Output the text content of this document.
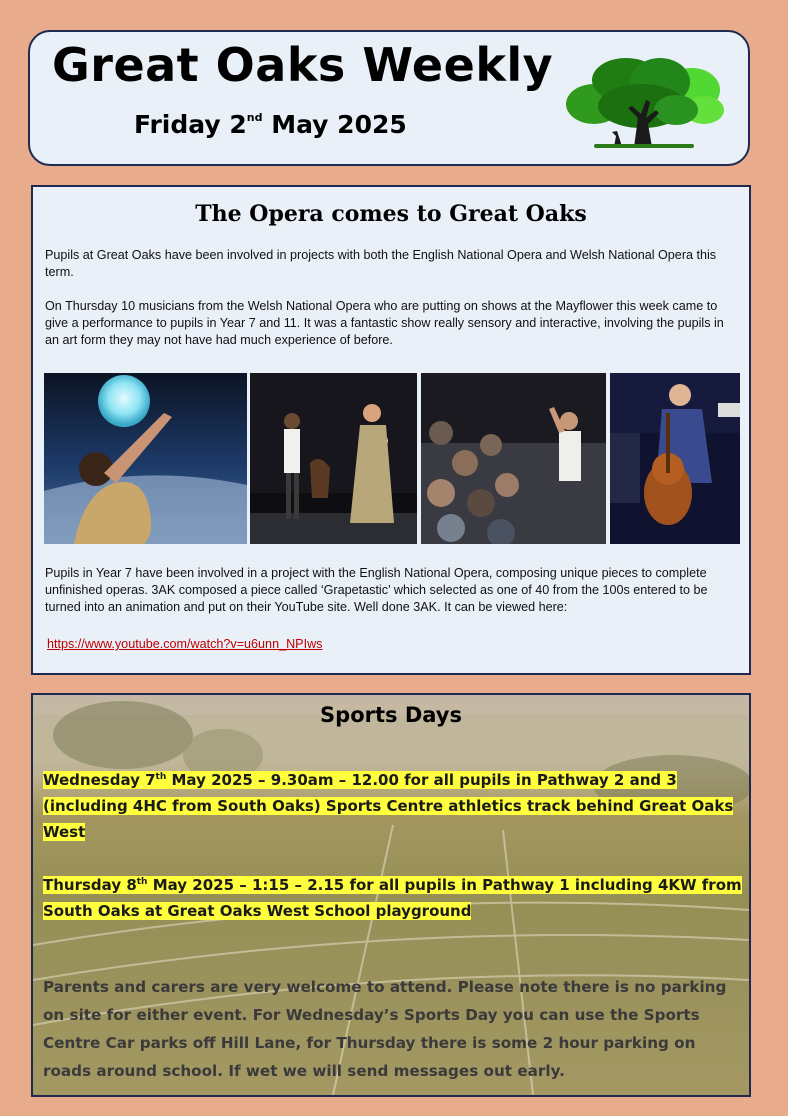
Great Oaks Weekly
Friday 2nd May 2025
The Opera comes to Great Oaks

Pupils at Great Oaks have been involved in projects with both the English National Opera and Welsh National Opera this term.

On Thursday 10 musicians from the Welsh National Opera who are putting on shows at the Mayflower this week came to give a performance to pupils in Year 7 and 11. It was a fantastic show really sensory and interactive, involving the pupils in an art form they may not have had much experience of before.

Pupils in Year 7 have been involved in a project with the English National Opera, composing unique pieces to complete unfinished operas. 3AK composed a piece called ‘Grapetastic’ which selected as one of 40 from the 100s entered to be turned into an animation and put on their YouTube site. Well done 3AK. It can be viewed here:

https://www.youtube.com/watch?v=u6unn_NPIws
Sports Days

Wednesday 7th May 2025 – 9.30am – 12.00 for all pupils in Pathway 2 and 3 (including 4HC from South Oaks) Sports Centre athletics track behind Great Oaks West

Thursday 8th May 2025 – 1:15 – 2.15 for all pupils in Pathway 1 including 4KW from South Oaks at Great Oaks West School playground

Parents and carers are very welcome to attend. Please note there is no parking on site for either event. For Wednesday’s Sports Day you can use the Sports Centre Car parks off Hill Lane, for Thursday there is some 2 hour parking on roads around school. If wet we will send messages out early.
